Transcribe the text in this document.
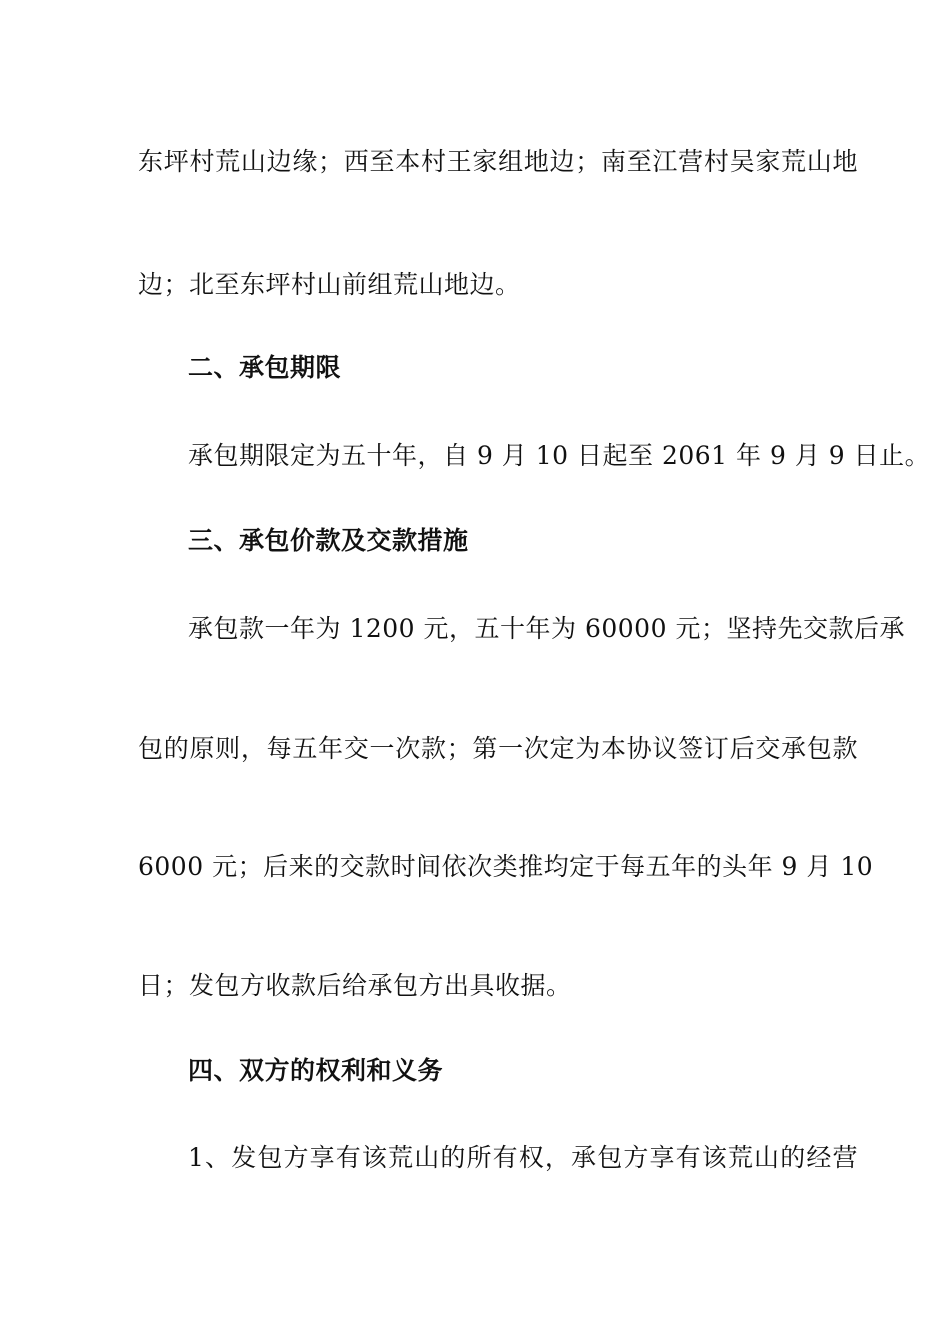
东坪村荒山边缘；西至本村王家组地边；南至江营村吴家荒山地
边；北至东坪村山前组荒山地边。
二、承包期限
承包期限定为五十年，自 9 月 10 日起至 2061 年 9 月 9 日止。
三、承包价款及交款措施
承包款一年为 1200 元，五十年为 60000 元；坚持先交款后承
包的原则，每五年交一次款；第一次定为本协议签订后交承包款
6000 元；后来的交款时间依次类推均定于每五年的头年 9 月 10
日；发包方收款后给承包方出具收据。
四、双方的权利和义务
1、发包方享有该荒山的所有权，承包方享有该荒山的经营
